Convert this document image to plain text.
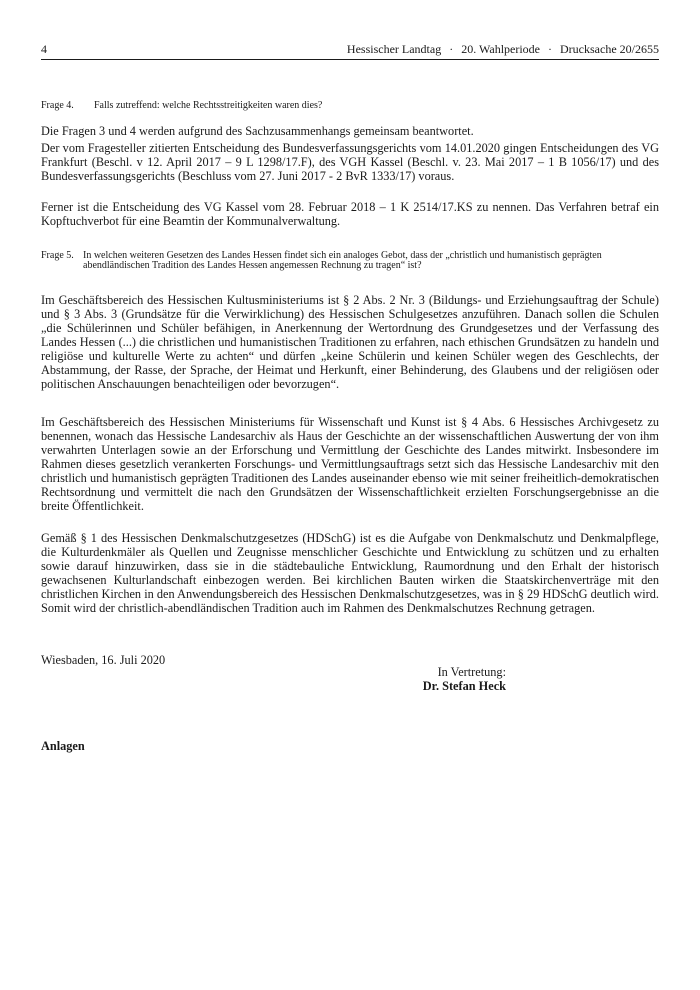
4	Hessischer Landtag · 20. Wahlperiode · Drucksache 20/2655
Frage 4. Falls zutreffend: welche Rechtsstreitigkeiten waren dies?

Die Fragen 3 und 4 werden aufgrund des Sachzusammenhangs gemeinsam beantwortet.

Der vom Fragesteller zitierten Entscheidung des Bundesverfassungsgerichts vom 14.01.2020 gingen Entscheidungen des VG Frankfurt (Beschl. v 12. April 2017 – 9 L 1298/17.F), des VGH Kassel (Beschl. v. 23. Mai 2017 – 1 B 1056/17) und des Bundesverfassungsgerichts (Beschluss vom 27. Juni 2017 - 2 BvR 1333/17) voraus.

Ferner ist die Entscheidung des VG Kassel vom 28. Februar 2018 – 1 K 2514/17.KS zu nennen. Das Verfahren betraf ein Kopftuchverbot für eine Beamtin der Kommunalverwaltung.

Frage 5. In welchen weiteren Gesetzen des Landes Hessen findet sich ein analoges Gebot, dass der „christlich und humanistisch geprägten abendländischen Tradition des Landes Hessen angemessen Rechnung zu tragen“ ist?

Im Geschäftsbereich des Hessischen Kultusministeriums ist § 2 Abs. 2 Nr. 3 (Bildungs- und Erziehungsauftrag der Schule) und § 3 Abs. 3 (Grundsätze für die Verwirklichung) des Hessischen Schulgesetzes anzuführen. Danach sollen die Schulen „die Schülerinnen und Schüler befähigen, in Anerkennung der Wertordnung des Grundgesetzes und der Verfassung des Landes Hessen (...) die christlichen und humanistischen Traditionen zu erfahren, nach ethischen Grundsätzen zu handeln und religiöse und kulturelle Werte zu achten“ und dürfen „keine Schülerin und keinen Schüler wegen des Geschlechts, der Abstammung, der Rasse, der Sprache, der Heimat und Herkunft, einer Behinderung, des Glaubens und der religiösen oder politischen Anschauungen benachteiligen oder bevorzugen“.

Im Geschäftsbereich des Hessischen Ministeriums für Wissenschaft und Kunst ist § 4 Abs. 6 Hessisches Archivgesetz zu benennen, wonach das Hessische Landesarchiv als Haus der Geschichte an der wissenschaftlichen Auswertung der von ihm verwahrten Unterlagen sowie an der Erforschung und Vermittlung der Geschichte des Landes mitwirkt. Insbesondere im Rahmen dieses gesetzlich verankerten Forschungs- und Vermittlungsauftrags setzt sich das Hessische Landesarchiv mit den christlich und humanistisch geprägten Traditionen des Landes auseinander ebenso wie mit seiner freiheitlich-demokratischen Rechtsordnung und vermittelt die nach den Grundsätzen der Wissenschaftlichkeit erzielten Forschungsergebnisse an die breite Öffentlichkeit.

Gemäß § 1 des Hessischen Denkmalschutzgesetzes (HDSchG) ist es die Aufgabe von Denkmalschutz und Denkmalpflege, die Kulturdenkmäler als Quellen und Zeugnisse menschlicher Geschichte und Entwicklung zu schützen und zu erhalten sowie darauf hinzuwirken, dass sie in die städtebauliche Entwicklung, Raumordnung und den Erhalt der historisch gewachsenen Kulturlandschaft einbezogen werden. Bei kirchlichen Bauten wirken die Staatskirchenverträge mit den christlichen Kirchen in den Anwendungsbereich des Hessischen Denkmalschutzgesetzes, was in § 29 HDSchG deutlich wird. Somit wird der christlich-abendländischen Tradition auch im Rahmen des Denkmalschutzes Rechnung getragen.

Wiesbaden, 16. Juli 2020
In Vertretung:
Dr. Stefan Heck
Anlagen
